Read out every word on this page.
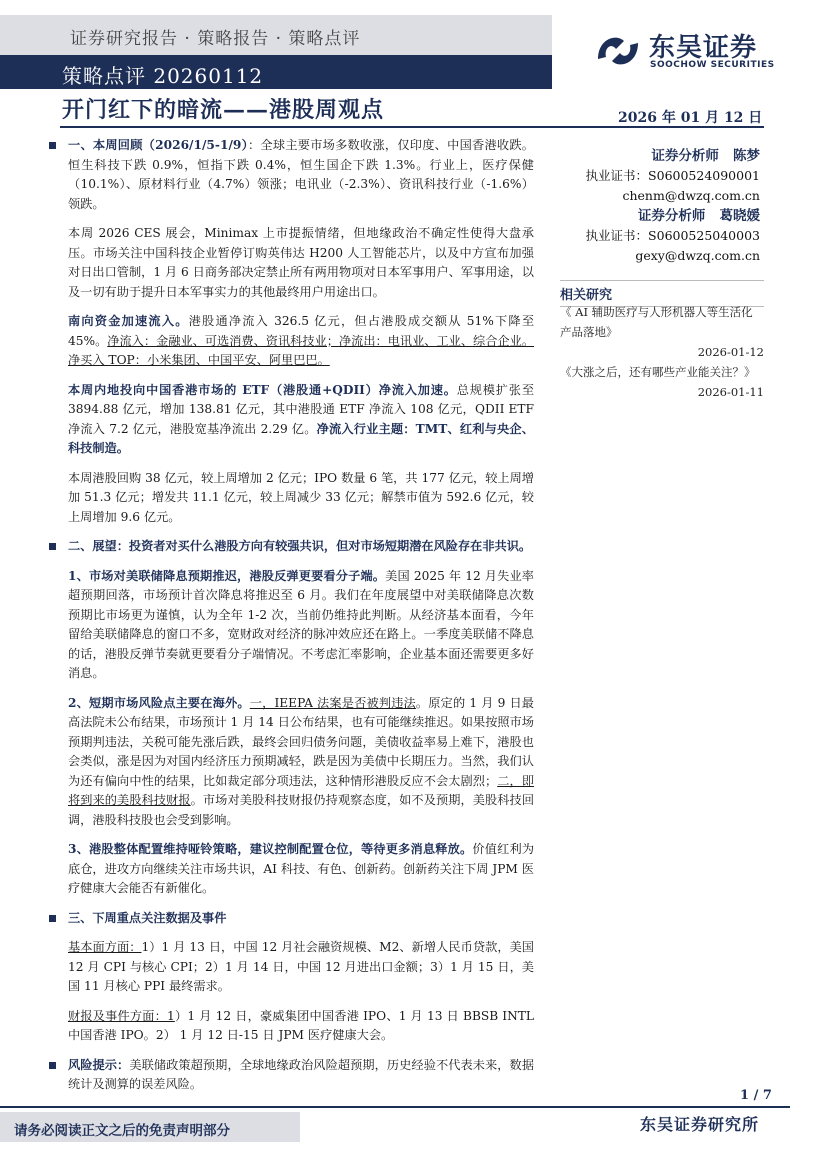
证券研究报告 · 策略报告 · 策略点评
策略点评 20260112
东吴证券
SOOCHOW SECURITIES
开门红下的暗流——港股周观点	2026 年 01 月 12 日

一、本周回顾（2026/1/5-1/9）：全球主要市场多数收涨，仅印度、中国香港收跌。恒生科技下跌 0.9%，恒指下跌 0.4%，恒生国企下跌 1.3%。行业上，医疗保健（10.1%）、原材料行业（4.7%）领涨；电讯业（-2.3%）、资讯科技行业（-1.6%）领跌。

本周 2026 CES 展会，Minimax 上市提振情绪，但地缘政治不确定性使得大盘承压。市场关注中国科技企业暂停订购英伟达 H200 人工智能芯片，以及中方宣布加强对日出口管制，1 月 6 日商务部决定禁止所有两用物项对日本军事用户、军事用途，以及一切有助于提升日本军事实力的其他最终用户用途出口。

南向资金加速流入。港股通净流入 326.5 亿元，但占港股成交额从 51%下降至 45%。净流入：金融业、可选消费、资讯科技业；净流出：电讯业、工业、综合企业。净买入 TOP：小米集团、中国平安、阿里巴巴。

本周内地投向中国香港市场的 ETF（港股通+QDII）净流入加速。总规模扩张至 3894.88 亿元，增加 138.81 亿元，其中港股通 ETF 净流入 108 亿元，QDII ETF 净流入 7.2 亿元，港股宽基净流出 2.29 亿。净流入行业主题：TMT、红利与央企、科技制造。

本周港股回购 38 亿元，较上周增加 2 亿元；IPO 数量 6 笔，共 177 亿元，较上周增加 51.3 亿元；增发共 11.1 亿元，较上周减少 33 亿元；解禁市值为 592.6 亿元，较上周增加 9.6 亿元。

二、展望：投资者对买什么港股方向有较强共识，但对市场短期潜在风险存在非共识。

1、市场对美联储降息预期推迟，港股反弹更要看分子端。美国 2025 年 12 月失业率超预期回落，市场预计首次降息将推迟至 6 月。我们在年度展望中对美联储降息次数预期比市场更为谨慎，认为全年 1-2 次，当前仍维持此判断。从经济基本面看，今年留给美联储降息的窗口不多，宽财政对经济的脉冲效应还在路上。一季度美联储不降息的话，港股反弹节奏就更要看分子端情况。不考虑汇率影响，企业基本面还需要更多好消息。

2、短期市场风险点主要在海外。一，IEEPA 法案是否被判违法。原定的 1 月 9 日最高法院未公布结果，市场预计 1 月 14 日公布结果，也有可能继续推迟。如果按照市场预期判违法，关税可能先涨后跌，最终会回归债务问题，美债收益率易上难下，港股也会类似，涨是因为对国内经济压力预期减轻，跌是因为美债中长期压力。当然，我们认为还有偏向中性的结果，比如裁定部分项违法，这种情形港股反应不会太剧烈；二，即将到来的美股科技财报。市场对美股科技财报仍持观察态度，如不及预期，美股科技回调，港股科技股也会受到影响。

3、港股整体配置维持哑铃策略，建议控制配置仓位，等待更多消息释放。价值红利为底仓，进攻方向继续关注市场共识，AI 科技、有色、创新药。创新药关注下周 JPM 医疗健康大会能否有新催化。

三、下周重点关注数据及事件

基本面方面：1）1 月 13 日，中国 12 月社会融资规模、M2、新增人民币贷款，美国 12 月 CPI 与核心 CPI；2）1 月 14 日，中国 12 月进出口金额；3）1 月 15 日，美国 11 月核心 PPI 最终需求。

财报及事件方面：1）1 月 12 日，豪威集团中国香港 IPO、1 月 13 日 BBSB INTL 中国香港 IPO。2） 1 月 12 日-15 日 JPM 医疗健康大会。

风险提示：美联储政策超预期，全球地缘政治风险超预期，历史经验不代表未来，数据统计及测算的误差风险。

证券分析师 陈梦
执业证书：S0600524090001
chenm@dwzq.com.cn
证券分析师 葛晓媛
执业证书：S0600525040003
gexy@dwzq.com.cn
相关研究
《 AI 辅助医疗与人形机器人等生活化产品落地》
2026-01-12
《大涨之后，还有哪些产业能关注？》
2026-01-11
1 / 7
请务必阅读正文之后的免责声明部分	东吴证券研究所
